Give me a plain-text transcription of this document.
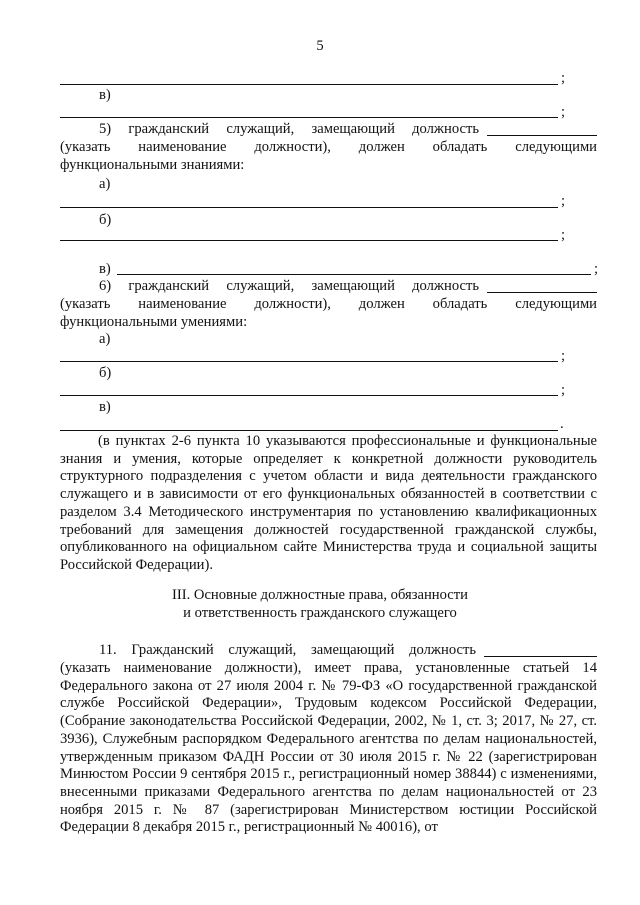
5
;
в)
;
5) гражданский служащий, замещающий должность
(указать наименование должности), должен обладать следующими
функциональными знаниями:
а)
;
б)
;
в)	;
6) гражданский служащий, замещающий должность
(указать наименование должности), должен обладать следующими
функциональными умениями:
а)
;
б)
;
в)
.
(в пунктах 2-6 пункта 10 указываются профессиональные и функциональные знания и умения, которые определяет к конкретной должности руководитель структурного подразделения с учетом области и вида деятельности гражданского служащего и в зависимости от его функциональных обязанностей в соответствии с разделом 3.4 Методического инструментария по установлению квалификационных требований для замещения должностей государственной гражданской службы, опубликованного на официальном сайте Министерства труда и социальной защиты Российской Федерации).
III. Основные должностные права, обязанности
и ответственность гражданского служащего
11. Гражданский служащий, замещающий должность
(указать наименование должности), имеет права, установленные статьей 14 Федерального закона от 27 июля 2004 г. № 79-ФЗ «О государственной гражданской службе Российской Федерации», Трудовым кодексом Российской Федерации, (Собрание законодательства Российской Федерации, 2002, № 1, ст. 3; 2017, № 27, ст. 3936), Служебным распорядком Федерального агентства по делам национальностей, утвержденным приказом ФАДН России от 30 июля 2015 г. № 22 (зарегистрирован Минюстом России 9 сентября 2015 г., регистрационный номер 38844) с изменениями, внесенными приказами Федерального агентства по делам национальностей от 23 ноября 2015 г. № 87 (зарегистрирован Министерством юстиции Российской Федерации 8 декабря 2015 г., регистрационный № 40016), от
